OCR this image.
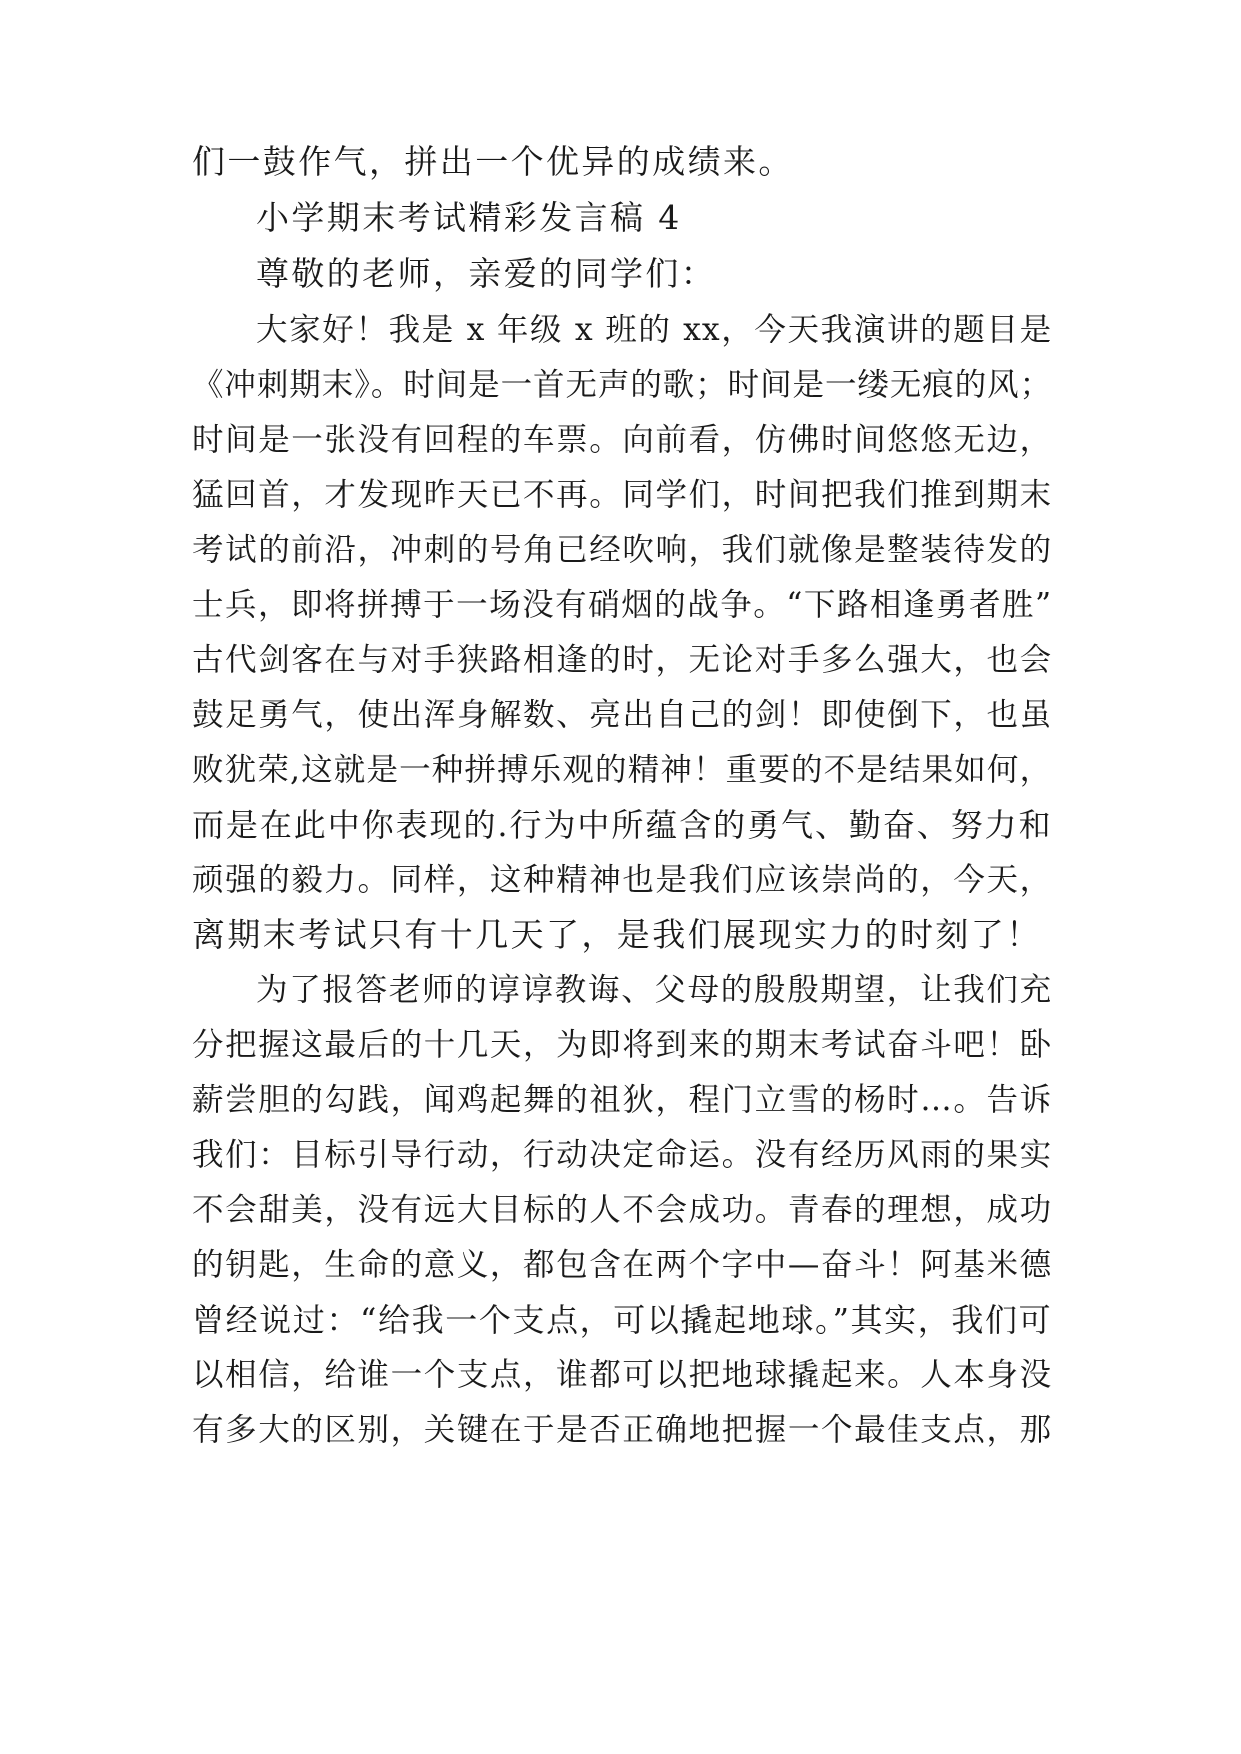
们一鼓作气，拼出一个优异的成绩来。
小学期末考试精彩发言稿 4
尊敬的老师，亲爱的同学们：
大家好！我是 x 年级 x 班的 xx，今天我演讲的题目是
《冲刺期末》。时间是一首无声的歌；时间是一缕无痕的风；
时间是一张没有回程的车票。向前看，仿佛时间悠悠无边，
猛回首，才发现昨天已不再。同学们，时间把我们推到期末
考试的前沿，冲刺的号角已经吹响，我们就像是整装待发的
士兵，即将拼搏于一场没有硝烟的战争。“下路相逢勇者胜”
古代剑客在与对手狭路相逢的时，无论对手多么强大，也会
鼓足勇气，使出浑身解数、亮出自己的剑！即使倒下，也虽
败犹荣,这就是一种拼搏乐观的精神！重要的不是结果如何，
而是在此中你表现的.行为中所蕴含的勇气、勤奋、努力和
顽强的毅力。同样，这种精神也是我们应该崇尚的，今天，
离期末考试只有十几天了，是我们展现实力的时刻了！
为了报答老师的谆谆教诲、父母的殷殷期望，让我们充
分把握这最后的十几天，为即将到来的期末考试奋斗吧！卧
薪尝胆的勾践，闻鸡起舞的祖狄，程门立雪的杨时…。告诉
我们：目标引导行动，行动决定命运。没有经历风雨的果实
不会甜美，没有远大目标的人不会成功。青春的理想，成功
的钥匙，生命的意义，都包含在两个字中—奋斗！阿基米德
曾经说过：“给我一个支点，可以撬起地球。”其实，我们可
以相信，给谁一个支点，谁都可以把地球撬起来。人本身没
有多大的区别，关键在于是否正确地把握一个最佳支点，那
